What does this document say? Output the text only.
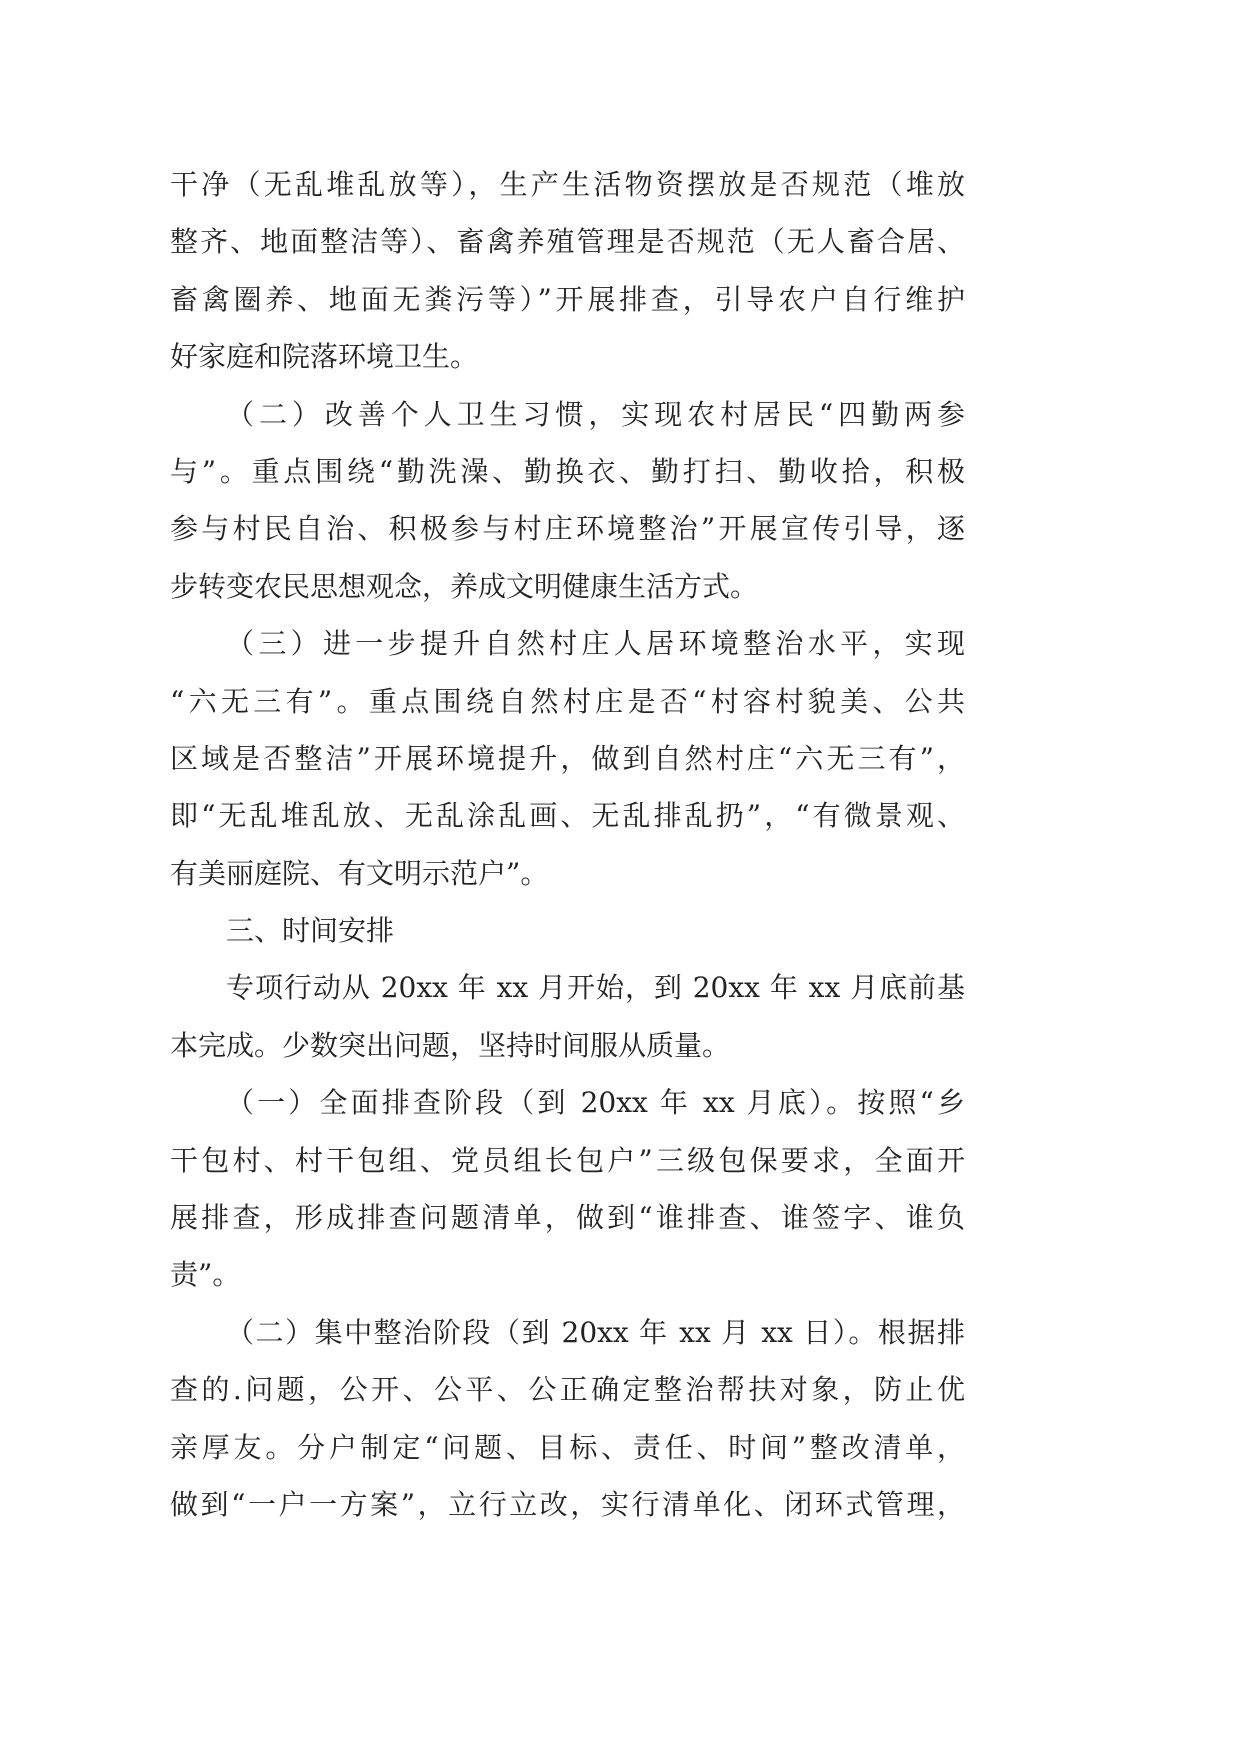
干净（无乱堆乱放等），生产生活物资摆放是否规范（堆放
整齐、地面整洁等）、畜禽养殖管理是否规范（无人畜合居、
畜禽圈养、地面无粪污等）”开展排查，引导农户自行维护
好家庭和院落环境卫生。
（二）改善个人卫生习惯，实现农村居民“四勤两参
与”。重点围绕“勤洗澡、勤换衣、勤打扫、勤收拾，积极
参与村民自治、积极参与村庄环境整治”开展宣传引导，逐
步转变农民思想观念，养成文明健康生活方式。
（三）进一步提升自然村庄人居环境整治水平，实现
“六无三有”。重点围绕自然村庄是否“村容村貌美、公共
区域是否整洁”开展环境提升，做到自然村庄“六无三有”，
即“无乱堆乱放、无乱涂乱画、无乱排乱扔”，“有微景观、
有美丽庭院、有文明示范户”。
三、时间安排
专项行动从 20xx 年 xx 月开始，到 20xx 年 xx 月底前基
本完成。少数突出问题，坚持时间服从质量。
（一）全面排查阶段（到 20xx 年 xx 月底）。按照“乡
干包村、村干包组、党员组长包户”三级包保要求，全面开
展排查，形成排查问题清单，做到“谁排查、谁签字、谁负
责”。
（二）集中整治阶段（到 20xx 年 xx 月 xx 日）。根据排
查的.问题，公开、公平、公正确定整治帮扶对象，防止优
亲厚友。分户制定“问题、目标、责任、时间”整改清单，
做到“一户一方案”，立行立改，实行清单化、闭环式管理，
